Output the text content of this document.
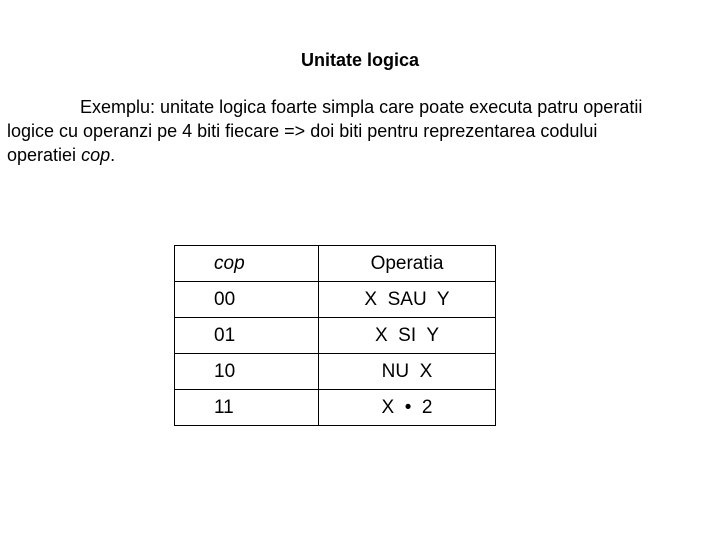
Unitate logica
Exemplu: unitate logica foarte simpla care poate executa patru operatii
logice cu operanzi pe 4 biti fiecare => doi biti pentru reprezentarea codului
operatiei cop.
cop	Operatia
00	X  SAU  Y
01	X  SI  Y
10	NU  X
11	X  •  2
